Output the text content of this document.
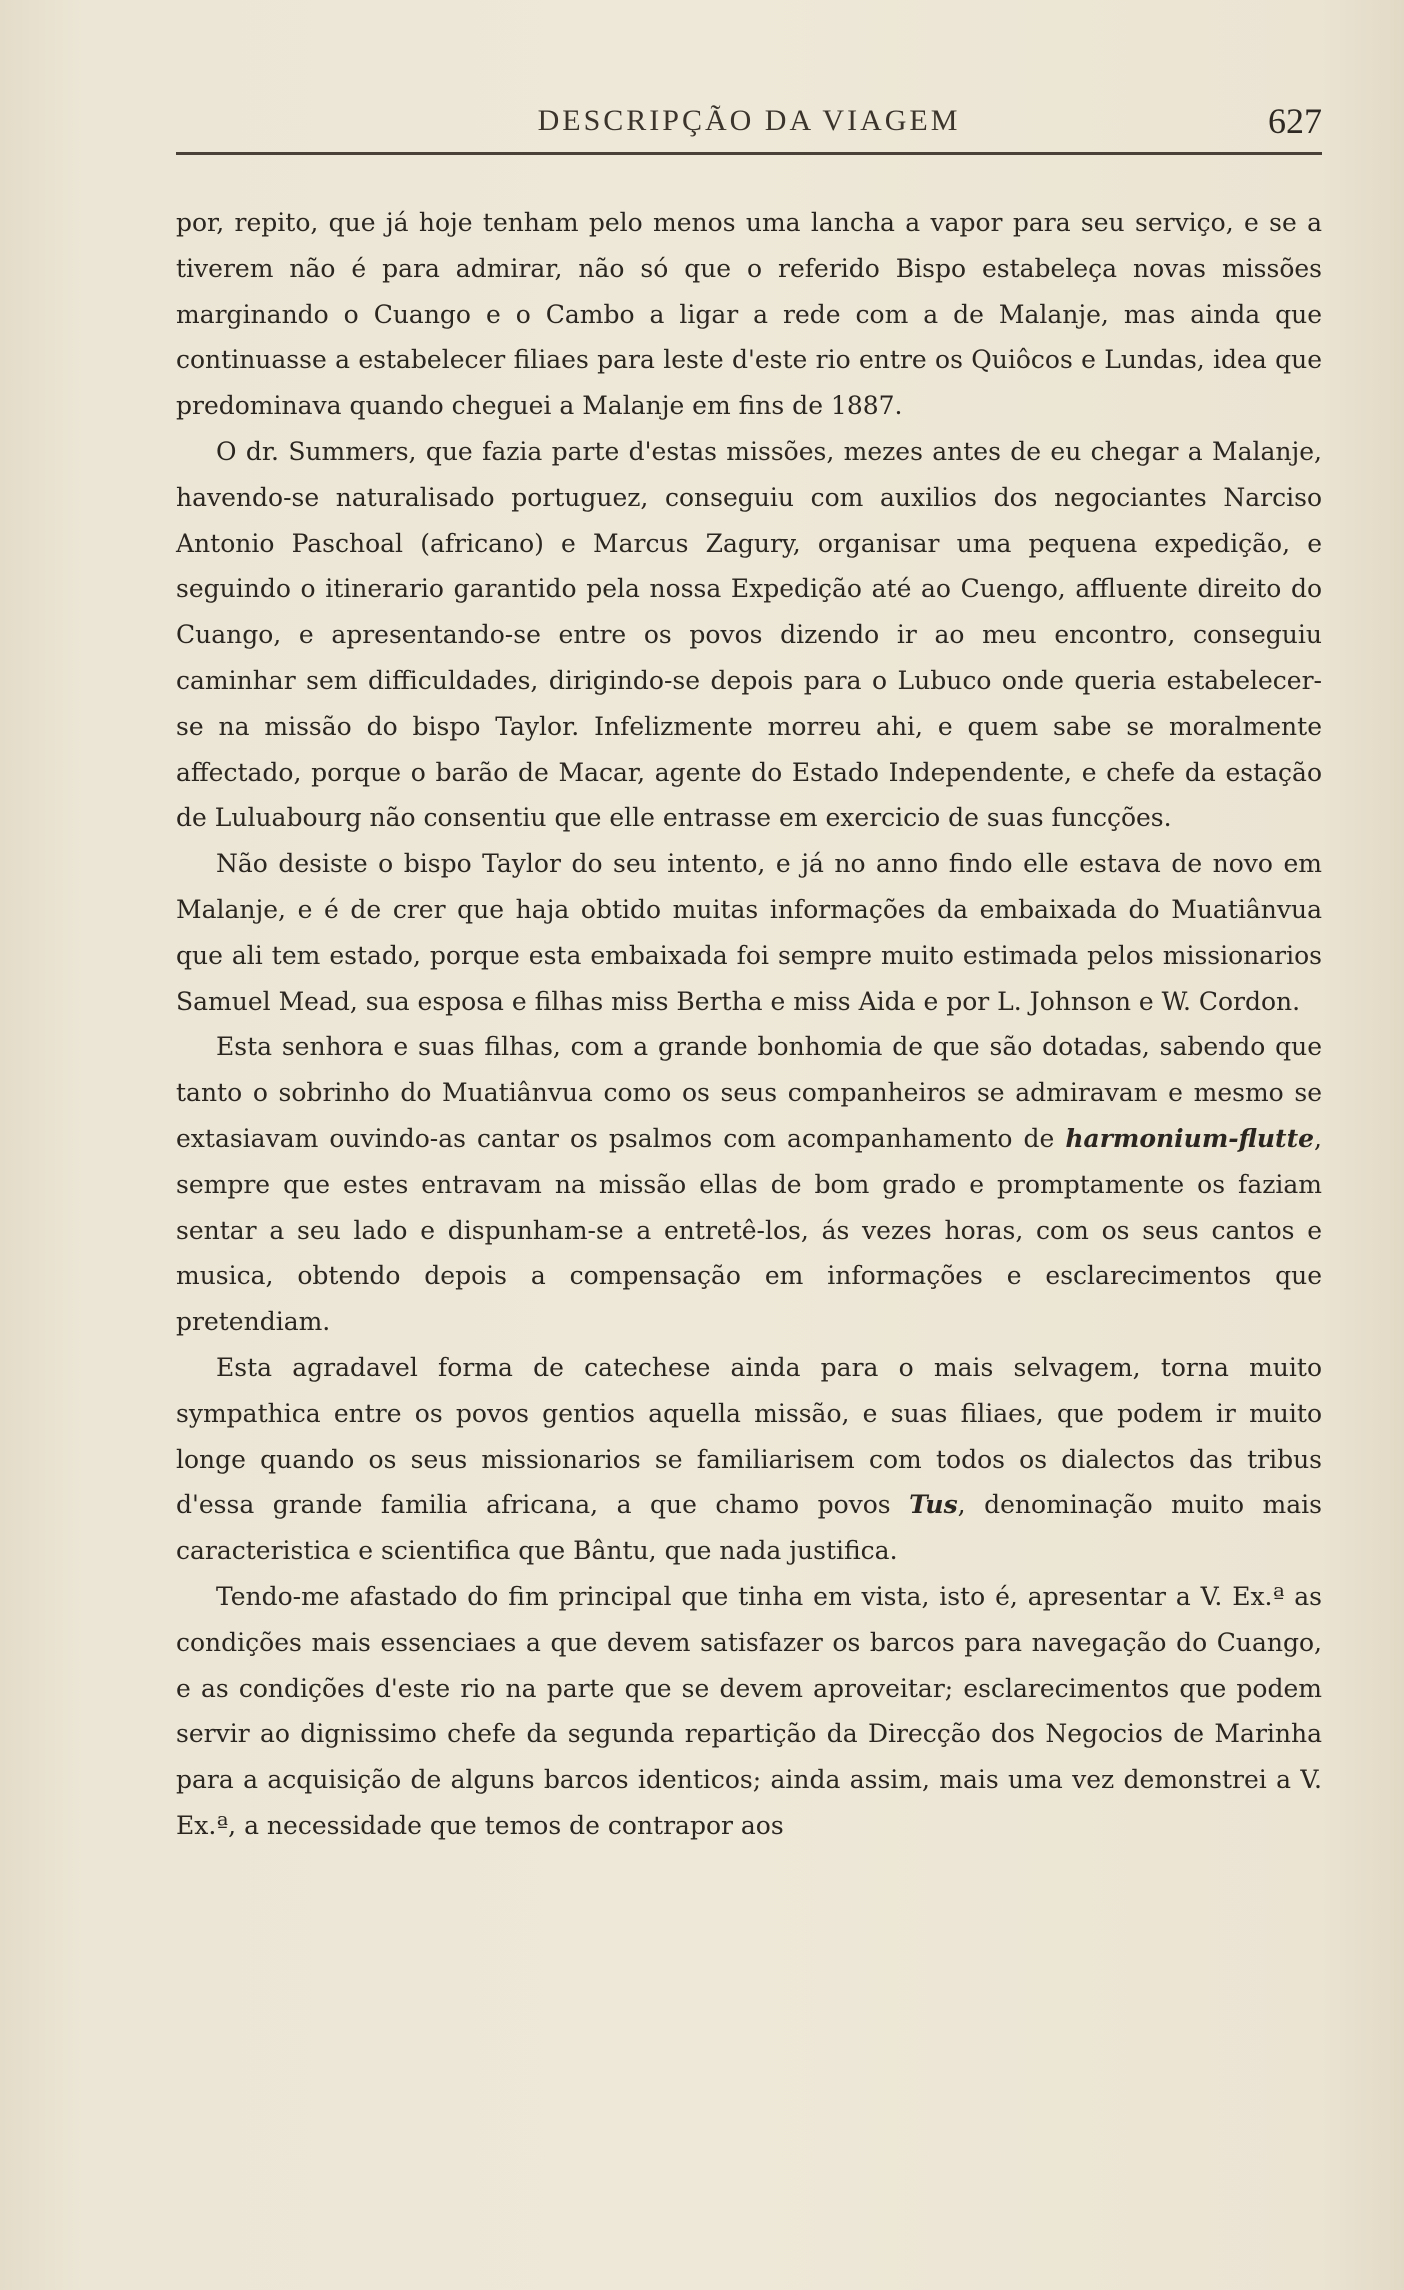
DESCRIPÇÃO DA VIAGEM	627

por, repito, que já hoje tenham pelo menos uma lancha a vapor para seu serviço, e se a tiverem não é para admirar, não só que o referido Bispo estabeleça novas missões marginando o Cuango e o Cambo a ligar a rede com a de Malanje, mas ainda que continuasse a estabelecer filiaes para leste d'este rio entre os Quiôcos e Lundas, idea que predominava quando cheguei a Malanje em fins de 1887.

O dr. Summers, que fazia parte d'estas missões, mezes antes de eu chegar a Malanje, havendo-se naturalisado portuguez, conseguiu com auxilios dos negociantes Narciso Antonio Paschoal (africano) e Marcus Zagury, organisar uma pequena expedição, e seguindo o itinerario garantido pela nossa Expedição até ao Cuengo, affluente direito do Cuango, e apresentando-se entre os povos dizendo ir ao meu encontro, conseguiu caminhar sem difficuldades, dirigindo-se depois para o Lubuco onde queria estabelecer-se na missão do bispo Taylor. Infelizmente morreu ahi, e quem sabe se moralmente affectado, porque o barão de Macar, agente do Estado Independente, e chefe da estação de Luluabourg não consentiu que elle entrasse em exercicio de suas funcções.

Não desiste o bispo Taylor do seu intento, e já no anno findo elle estava de novo em Malanje, e é de crer que haja obtido muitas informações da embaixada do Muatiânvua que ali tem estado, porque esta embaixada foi sempre muito estimada pelos missionarios Samuel Mead, sua esposa e filhas miss Bertha e miss Aida e por L. Johnson e W. Cordon.

Esta senhora e suas filhas, com a grande bonhomia de que são dotadas, sabendo que tanto o sobrinho do Muatiânvua como os seus companheiros se admiravam e mesmo se extasiavam ouvindo-as cantar os psalmos com acompanhamento de harmonium-flutte, sempre que estes entravam na missão ellas de bom grado e promptamente os faziam sentar a seu lado e dispunham-se a entretê-los, ás vezes horas, com os seus cantos e musica, obtendo depois a compensação em informações e esclarecimentos que pretendiam.

Esta agradavel forma de catechese ainda para o mais selvagem, torna muito sympathica entre os povos gentios aquella missão, e suas filiaes, que podem ir muito longe quando os seus missionarios se familiarisem com todos os dialectos das tribus d'essa grande familia africana, a que chamo povos Tus, denominação muito mais caracteristica e scientifica que Bântu, que nada justifica.

Tendo-me afastado do fim principal que tinha em vista, isto é, apresentar a V. Ex.ª as condições mais essenciaes a que devem satisfazer os barcos para navegação do Cuango, e as condições d'este rio na parte que se devem aproveitar; esclarecimentos que podem servir ao dignissimo chefe da segunda repartição da Direcção dos Negocios de Marinha para a acquisição de alguns barcos identicos; ainda assim, mais uma vez demonstrei a V. Ex.ª, a necessidade que temos de contrapor aos
